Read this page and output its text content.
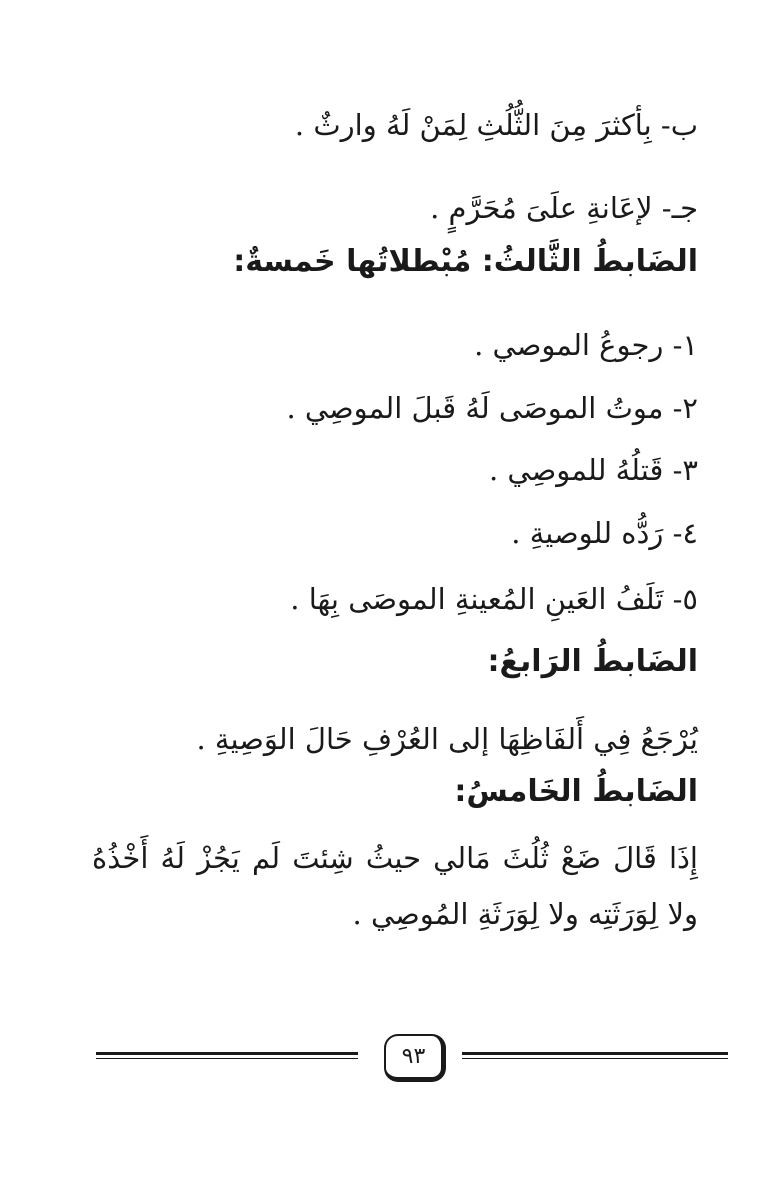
ب- بِأكثرَ مِنَ الثُّلُثِ لِمَنْ لَهُ وارثٌ .
جـ- لإعَانةِ علَىَ مُحَرَّمٍ .
الضَابطُ الثَّالثُ: مُبْطلاتُها خَمسةٌ:
١- رجوعُ الموصي .
٢- موتُ الموصَى لَهُ قَبلَ الموصِي .
٣- قَتلُهُ للموصِي .
٤- رَدُّه للوصيةِ .
٥- تَلَفُ العَينِ المُعينةِ الموصَى بِهَا .
الضَابطُ الرَابعُ:
يُرْجَعُ فِي أَلفَاظِهَا إلى العُرْفِ حَالَ الوَصِيةِ .
الضَابطُ الخَامسُ:
إِذَا قَالَ ضَعْ ثُلُثَ مَالي حيثُ شِئتَ لَم يَجُزْ لَهُ أَخْذُهُ ولا لِوَرَثَتِه ولا لِوَرَثَةِ المُوصِي .
٩٣
